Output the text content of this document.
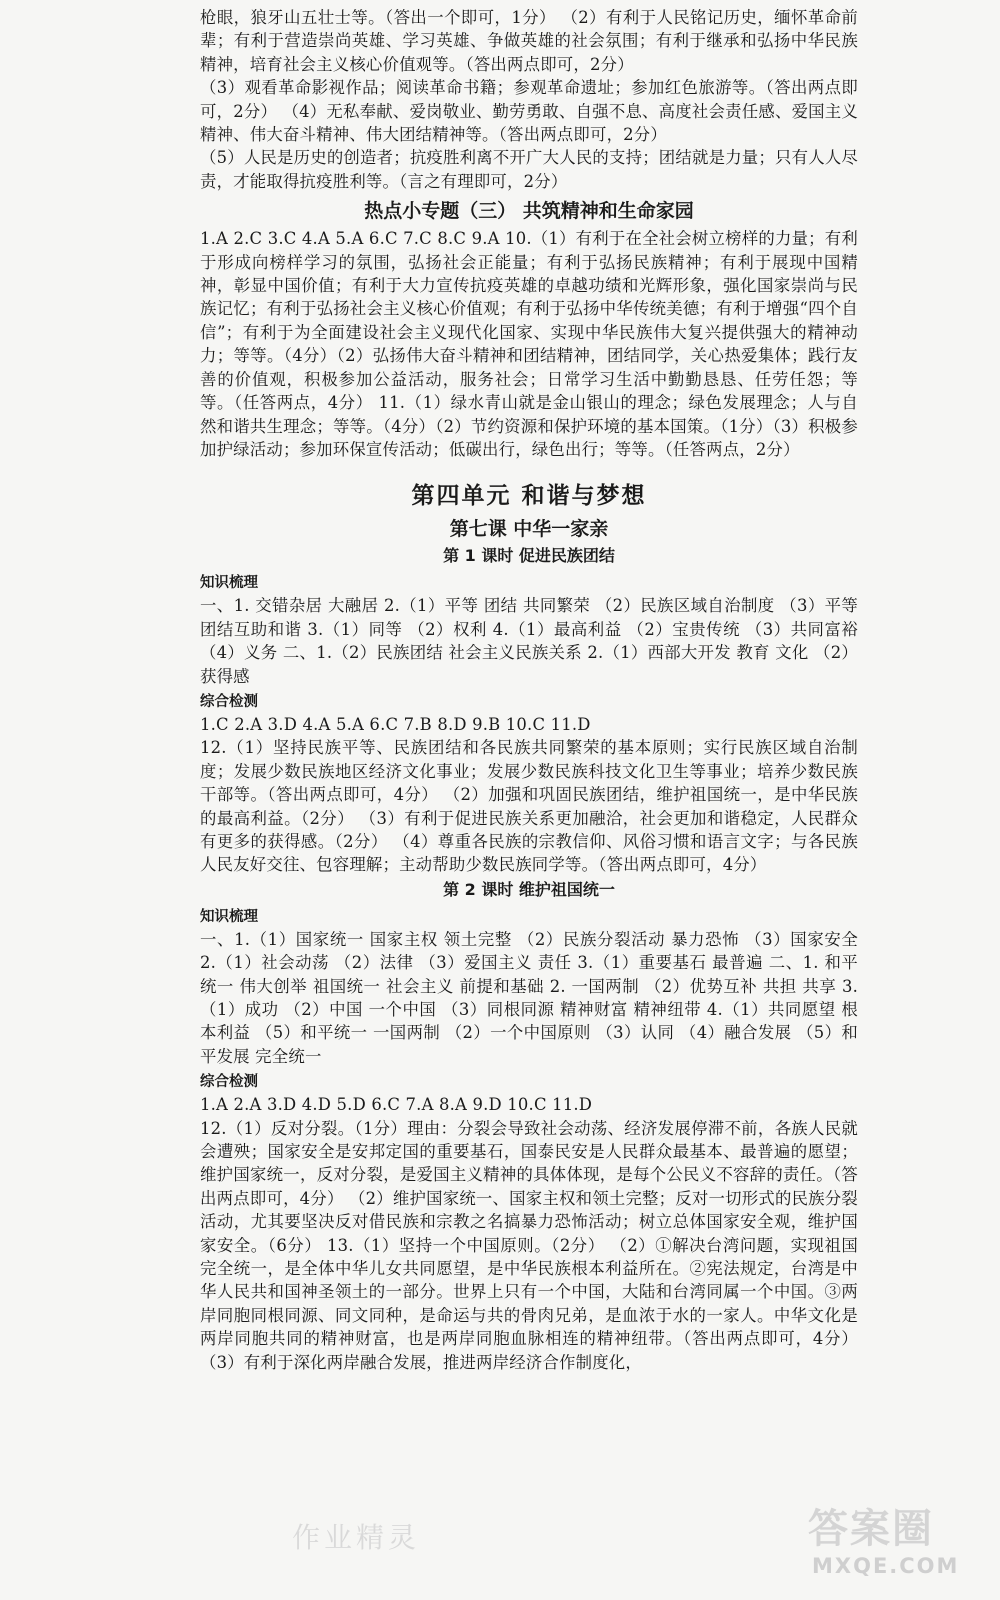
枪眼，狼牙山五壮士等。（答出一个即可，1分） （2）有利于人民铭记历史，缅怀革命前辈；有利于营造崇尚英雄、学习英雄、争做英雄的社会氛围；有利于继承和弘扬中华民族精神，培育社会主义核心价值观等。（答出两点即可，2分）

（3）观看革命影视作品；阅读革命书籍；参观革命遗址；参加红色旅游等。（答出两点即可，2分） （4）无私奉献、爱岗敬业、勤劳勇敢、自强不息、高度社会责任感、爱国主义精神、伟大奋斗精神、伟大团结精神等。（答出两点即可，2分）

（5）人民是历史的创造者；抗疫胜利离不开广大人民的支持；团结就是力量；只有人人尽责，才能取得抗疫胜利等。（言之有理即可，2分）

热点小专题（三） 共筑精神和生命家园

1.A 2.C 3.C 4.A 5.A 6.C 7.C 8.C 9.A 10.（1）有利于在全社会树立榜样的力量；有利于形成向榜样学习的氛围，弘扬社会正能量；有利于弘扬民族精神；有利于展现中国精神，彰显中国价值；有利于大力宣传抗疫英雄的卓越功绩和光辉形象，强化国家崇尚与民族记忆；有利于弘扬社会主义核心价值观；有利于弘扬中华传统美德；有利于增强“四个自信”；有利于为全面建设社会主义现代化国家、实现中华民族伟大复兴提供强大的精神动力；等等。（4分）（2）弘扬伟大奋斗精神和团结精神，团结同学，关心热爱集体；践行友善的价值观，积极参加公益活动，服务社会；日常学习生活中勤勤恳恳、任劳任怨；等等。（任答两点，4分） 11.（1）绿水青山就是金山银山的理念；绿色发展理念；人与自然和谐共生理念；等等。（4分）（2）节约资源和保护环境的基本国策。（1分）（3）积极参加护绿活动；参加环保宣传活动；低碳出行，绿色出行；等等。（任答两点，2分）

第四单元 和谐与梦想
第七课 中华一家亲
第 1 课时 促进民族团结
知识梳理

一、1. 交错杂居 大融居 2.（1）平等 团结 共同繁荣 （2）民族区域自治制度 （3）平等团结互助和谐 3.（1）同等 （2）权利 4.（1）最高利益 （2）宝贵传统 （3）共同富裕 （4）义务 二、1.（2）民族团结 社会主义民族关系 2.（1）西部大开发 教育 文化 （2）获得感

综合检测

1.C 2.A 3.D 4.A 5.A 6.C 7.B 8.D 9.B 10.C 11.D

12.（1）坚持民族平等、民族团结和各民族共同繁荣的基本原则；实行民族区域自治制度；发展少数民族地区经济文化事业；发展少数民族科技文化卫生等事业；培养少数民族干部等。（答出两点即可，4分） （2）加强和巩固民族团结，维护祖国统一，是中华民族的最高利益。（2分） （3）有利于促进民族关系更加融洽，社会更加和谐稳定，人民群众有更多的获得感。（2分） （4）尊重各民族的宗教信仰、风俗习惯和语言文字；与各民族人民友好交往、包容理解；主动帮助少数民族同学等。（答出两点即可，4分）

第 2 课时 维护祖国统一
知识梳理

一、1.（1）国家统一 国家主权 领土完整 （2）民族分裂活动 暴力恐怖 （3）国家安全 2.（1）社会动荡 （2）法律 （3）爱国主义 责任 3.（1）重要基石 最普遍 二、1. 和平统一 伟大创举 祖国统一 社会主义 前提和基础 2. 一国两制 （2）优势互补 共担 共享 3.（1）成功 （2）中国 一个中国 （3）同根同源 精神财富 精神纽带 4.（1）共同愿望 根本利益 （5）和平统一 一国两制 （2）一个中国原则 （3）认同 （4）融合发展 （5）和平发展 完全统一

综合检测

1.A 2.A 3.D 4.D 5.D 6.C 7.A 8.A 9.D 10.C 11.D

12.（1）反对分裂。（1分）理由：分裂会导致社会动荡、经济发展停滞不前，各族人民就会遭殃；国家安全是安邦定国的重要基石，国泰民安是人民群众最基本、最普遍的愿望；维护国家统一，反对分裂，是爱国主义精神的具体体现，是每个公民义不容辞的责任。（答出两点即可，4分） （2）维护国家统一、国家主权和领土完整；反对一切形式的民族分裂活动，尤其要坚决反对借民族和宗教之名搞暴力恐怖活动；树立总体国家安全观，维护国家安全。（6分） 13.（1）坚持一个中国原则。（2分） （2）①解决台湾问题，实现祖国完全统一，是全体中华儿女共同愿望，是中华民族根本利益所在。②宪法规定，台湾是中华人民共和国神圣领土的一部分。世界上只有一个中国，大陆和台湾同属一个中国。③两岸同胞同根同源、同文同种，是命运与共的骨肉兄弟，是血浓于水的一家人。中华文化是两岸同胞共同的精神财富，也是两岸同胞血脉相连的精神纽带。（答出两点即可，4分） （3）有利于深化两岸融合发展，推进两岸经济合作制度化，

作业精灵	答案圈
MXQE.COM
